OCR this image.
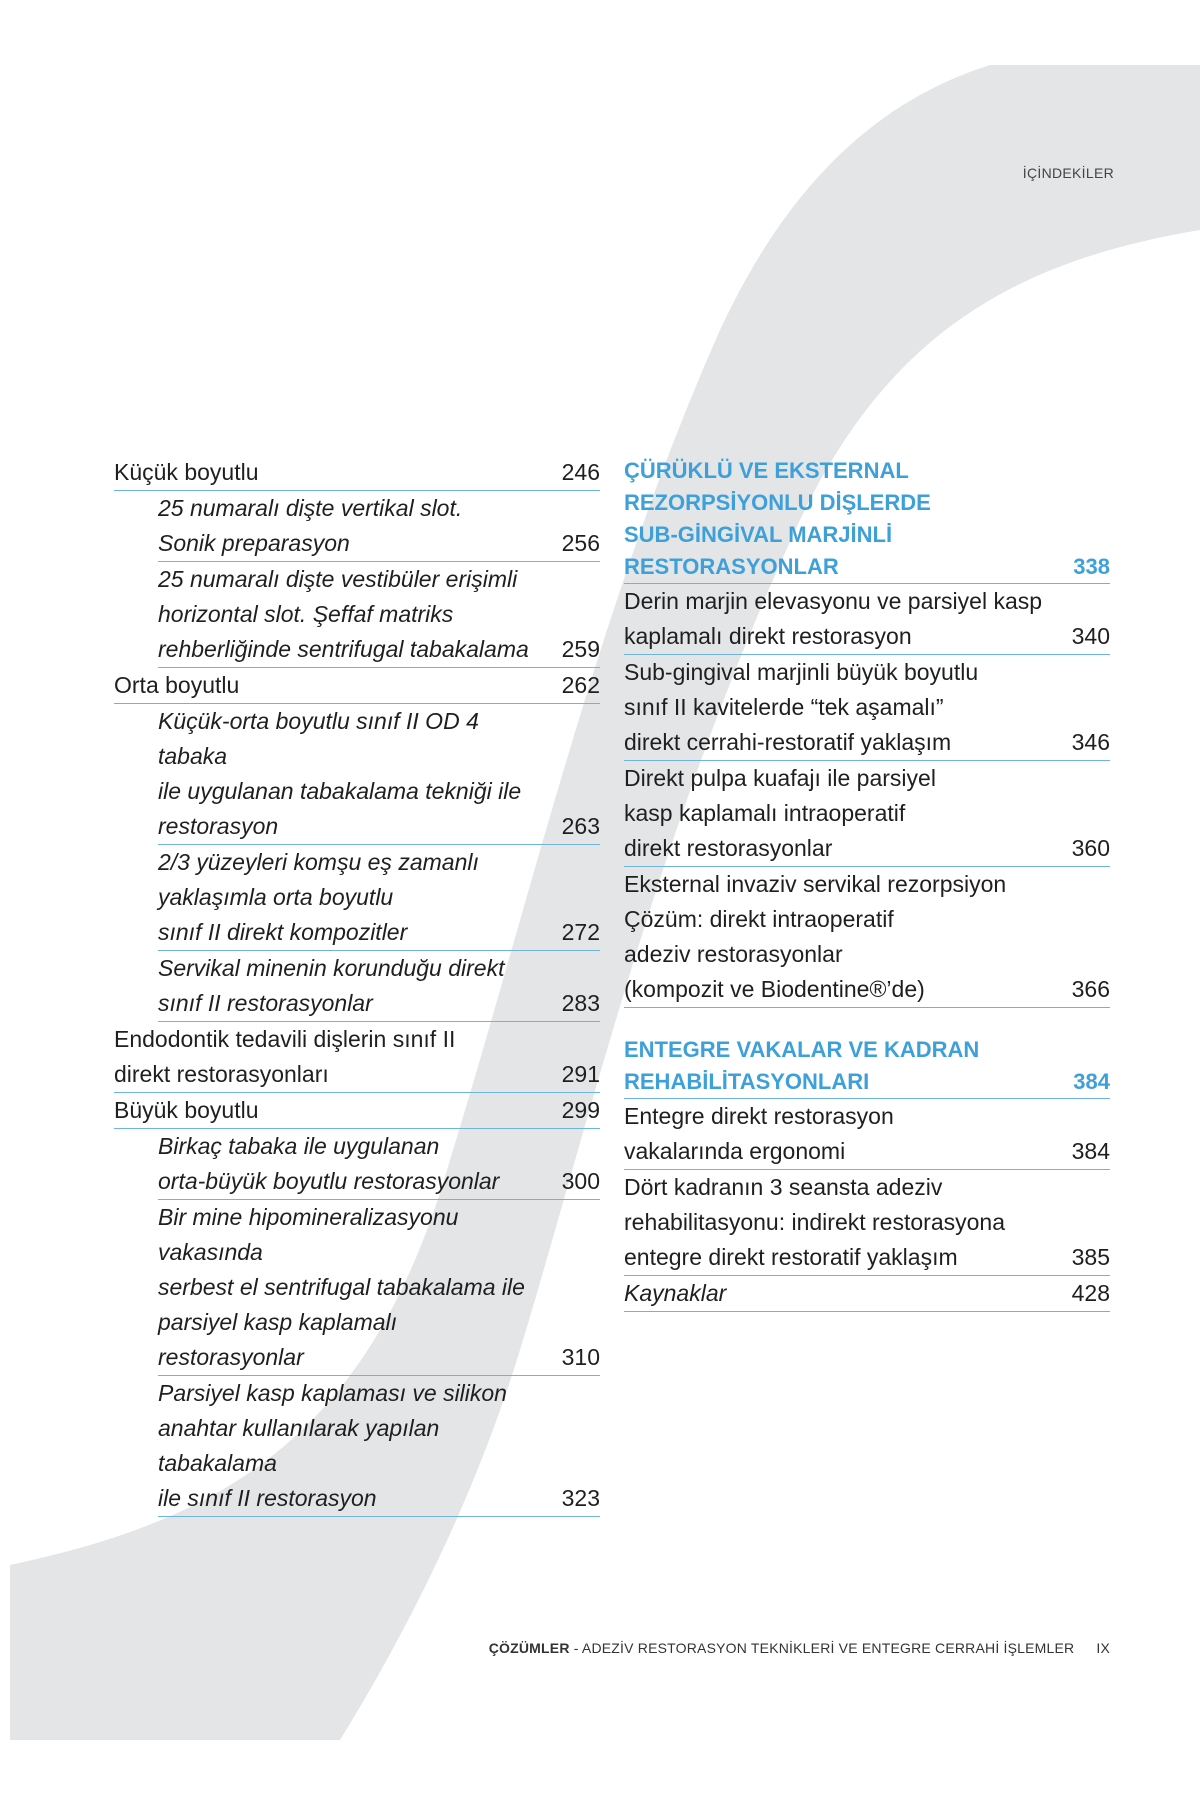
İÇİNDEKİLER
Küçük boyutlu	246
25 numaralı dişte vertikal slot.
Sonik preparasyon	256
25 numaralı dişte vestibüler erişimli
horizontal slot. Şeffaf matriks
rehberliğinde sentrifugal tabakalama	259
Orta boyutlu	262
Küçük-orta boyutlu sınıf II OD 4 tabaka
ile uygulanan tabakalama tekniği ile
restorasyon	263
2/3 yüzeyleri komşu eş zamanlı
yaklaşımla orta boyutlu
sınıf II direkt kompozitler	272
Servikal minenin korunduğu direkt
sınıf II restorasyonlar	283
Endodontik tedavili dişlerin sınıf II
direkt restorasyonları	291
Büyük boyutlu	299
Birkaç tabaka ile uygulanan
orta-büyük boyutlu restorasyonlar	300
Bir mine hipomineralizasyonu vakasında
serbest el sentrifugal tabakalama ile
parsiyel kasp kaplamalı restorasyonlar	310
Parsiyel kasp kaplaması ve silikon
anahtar kullanılarak yapılan tabakalama
ile sınıf II restorasyon	323
ÇÜRÜKLÜ VE EKSTERNAL
REZORPSİYONLU DİŞLERDE
SUB-GİNGİVAL MARJİNLİ
RESTORASYONLAR	338
Derin marjin elevasyonu ve parsiyel kasp
kaplamalı direkt restorasyon	340
Sub-gingival marjinli büyük boyutlu
sınıf II kavitelerde “tek aşamalı”
direkt cerrahi-restoratif yaklaşım	346
Direkt pulpa kuafajı ile parsiyel
kasp kaplamalı intraoperatif
direkt restorasyonlar	360
Eksternal invaziv servikal rezorpsiyon
Çözüm: direkt intraoperatif
adeziv restorasyonlar
(kompozit ve Biodentine®’de)	366
ENTEGRE VAKALAR VE KADRAN
REHABİLİTASYONLARI	384
Entegre direkt restorasyon
vakalarında ergonomi	384
Dört kadranın 3 seansta adeziv
rehabilitasyonu: indirekt restorasyona
entegre direkt restoratif yaklaşım	385
Kaynaklar	428
ÇÖZÜMLER - ADEZİV RESTORASYON TEKNİKLERİ VE ENTEGRE CERRAHİ İŞLEMLER IX
